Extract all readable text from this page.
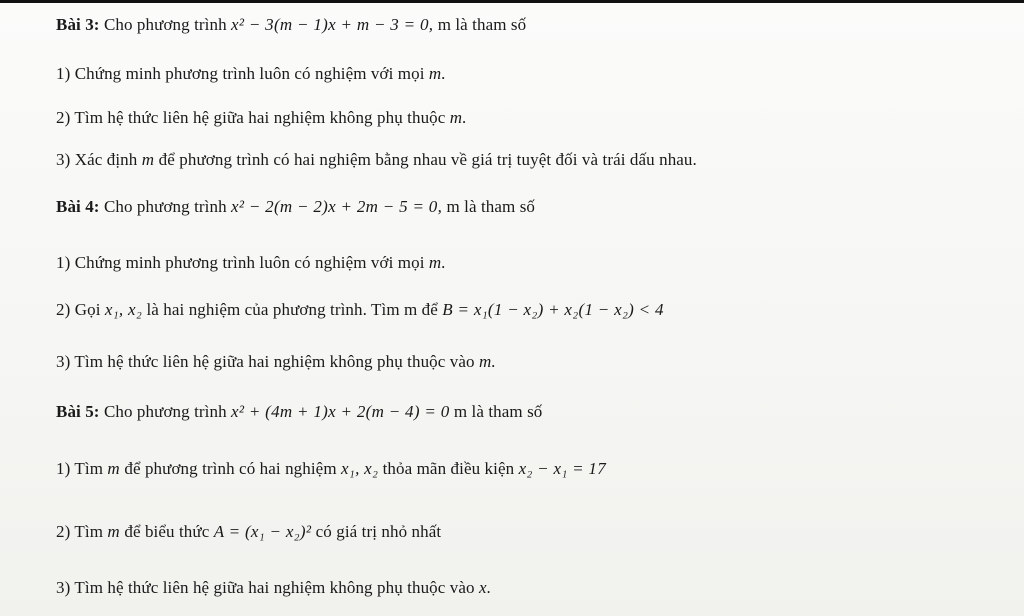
Bài 3: Cho phương trình x² − 3(m − 1)x + m − 3 = 0, m là tham số
1) Chứng minh phương trình luôn có nghiệm với mọi m.
2) Tìm hệ thức liên hệ giữa hai nghiệm không phụ thuộc m.
3) Xác định m để phương trình có hai nghiệm bằng nhau về giá trị tuyệt đối và trái dấu nhau.
Bài 4: Cho phương trình x² − 2(m − 2)x + 2m − 5 = 0, m là tham số
1) Chứng minh phương trình luôn có nghiệm với mọi m.
2) Gọi x₁, x₂ là hai nghiệm của phương trình. Tìm m để B = x₁(1 − x₂) + x₂(1 − x₂) < 4
3) Tìm hệ thức liên hệ giữa hai nghiệm không phụ thuộc vào m.
Bài 5: Cho phương trình x² + (4m + 1)x + 2(m − 4) = 0 m là tham số
1) Tìm m để phương trình có hai nghiệm x₁, x₂ thỏa mãn điều kiện x₂ − x₁ = 17
2) Tìm m để biểu thức A = (x₁ − x₂)² có giá trị nhỏ nhất
3) Tìm hệ thức liên hệ giữa hai nghiệm không phụ thuộc vào x.
